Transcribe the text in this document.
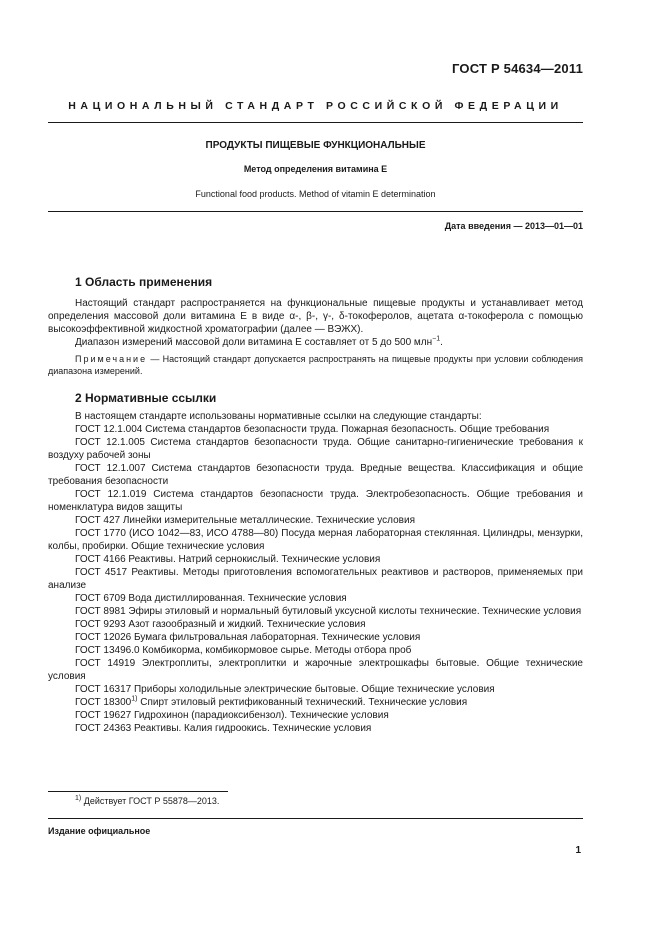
ГОСТ Р 54634—2011
НАЦИОНАЛЬНЫЙ СТАНДАРТ РОССИЙСКОЙ ФЕДЕРАЦИИ
ПРОДУКТЫ ПИЩЕВЫЕ ФУНКЦИОНАЛЬНЫЕ
Метод определения витамина Е
Functional food products. Method of vitamin E determination
Дата введения — 2013—01—01
1 Область применения

Настоящий стандарт распространяется на функциональные пищевые продукты и устанавливает метод определения массовой доли витамина Е в виде α-, β-, γ-, δ-токоферолов, ацетата α-токоферола с помощью высокоэффективной жидкостной хроматографии (далее — ВЭЖХ).

Диапазон измерений массовой доли витамина Е составляет от 5 до 500 млн$^{-1}$.

Примечание — Настоящий стандарт допускается распространять на пищевые продукты при условии соблюдения диапазона измерений.

2 Нормативные ссылки

В настоящем стандарте использованы нормативные ссылки на следующие стандарты:

ГОСТ 12.1.004 Система стандартов безопасности труда. Пожарная безопасность. Общие требования

ГОСТ 12.1.005 Система стандартов безопасности труда. Общие санитарно-гигиенические требования к воздуху рабочей зоны

ГОСТ 12.1.007 Система стандартов безопасности труда. Вредные вещества. Классификация и общие требования безопасности

ГОСТ 12.1.019 Система стандартов безопасности труда. Электробезопасность. Общие требования и номенклатура видов защиты

ГОСТ 427 Линейки измерительные металлические. Технические условия

ГОСТ 1770 (ИСО 1042—83, ИСО 4788—80) Посуда мерная лабораторная стеклянная. Цилиндры, мензурки, колбы, пробирки. Общие технические условия

ГОСТ 4166 Реактивы. Натрий сернокислый. Технические условия

ГОСТ 4517 Реактивы. Методы приготовления вспомогательных реактивов и растворов, применяемых при анализе

ГОСТ 6709 Вода дистиллированная. Технические условия

ГОСТ 8981 Эфиры этиловый и нормальный бутиловый уксусной кислоты технические. Технические условия

ГОСТ 9293 Азот газообразный и жидкий. Технические условия

ГОСТ 12026 Бумага фильтровальная лабораторная. Технические условия

ГОСТ 13496.0 Комбикорма, комбикормовое сырье. Методы отбора проб

ГОСТ 14919 Электроплиты, электроплитки и жарочные электрошкафы бытовые. Общие технические условия

ГОСТ 16317 Приборы холодильные электрические бытовые. Общие технические условия

ГОСТ 18300$^{1)}$ Спирт этиловый ректификованный технический. Технические условия

ГОСТ 19627 Гидрохинон (парадиоксибензол). Технические условия

ГОСТ 24363 Реактивы. Калия гидроокись. Технические условия

$^{1)}$ Действует ГОСТ Р 55878—2013.
Издание официальное
1
